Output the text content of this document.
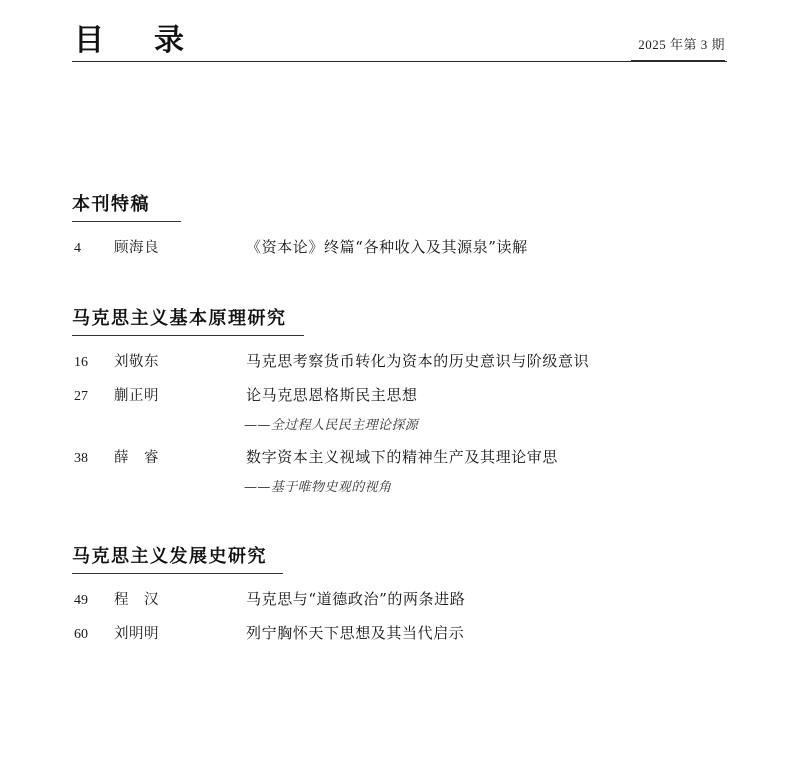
目　录	2025 年第 3 期
本刊特稿
4	顾海良	《资本论》终篇“各种收入及其源泉”读解
马克思主义基本原理研究
16	刘敬东	马克思考察货币转化为资本的历史意识与阶级意识
27	蒯正明	论马克思恩格斯民主思想
——全过程人民民主理论探源
38	薛　睿	数字资本主义视域下的精神生产及其理论审思
——基于唯物史观的视角
马克思主义发展史研究
49	程　汉	马克思与“道德政治”的两条进路
60	刘明明	列宁胸怀天下思想及其当代启示
